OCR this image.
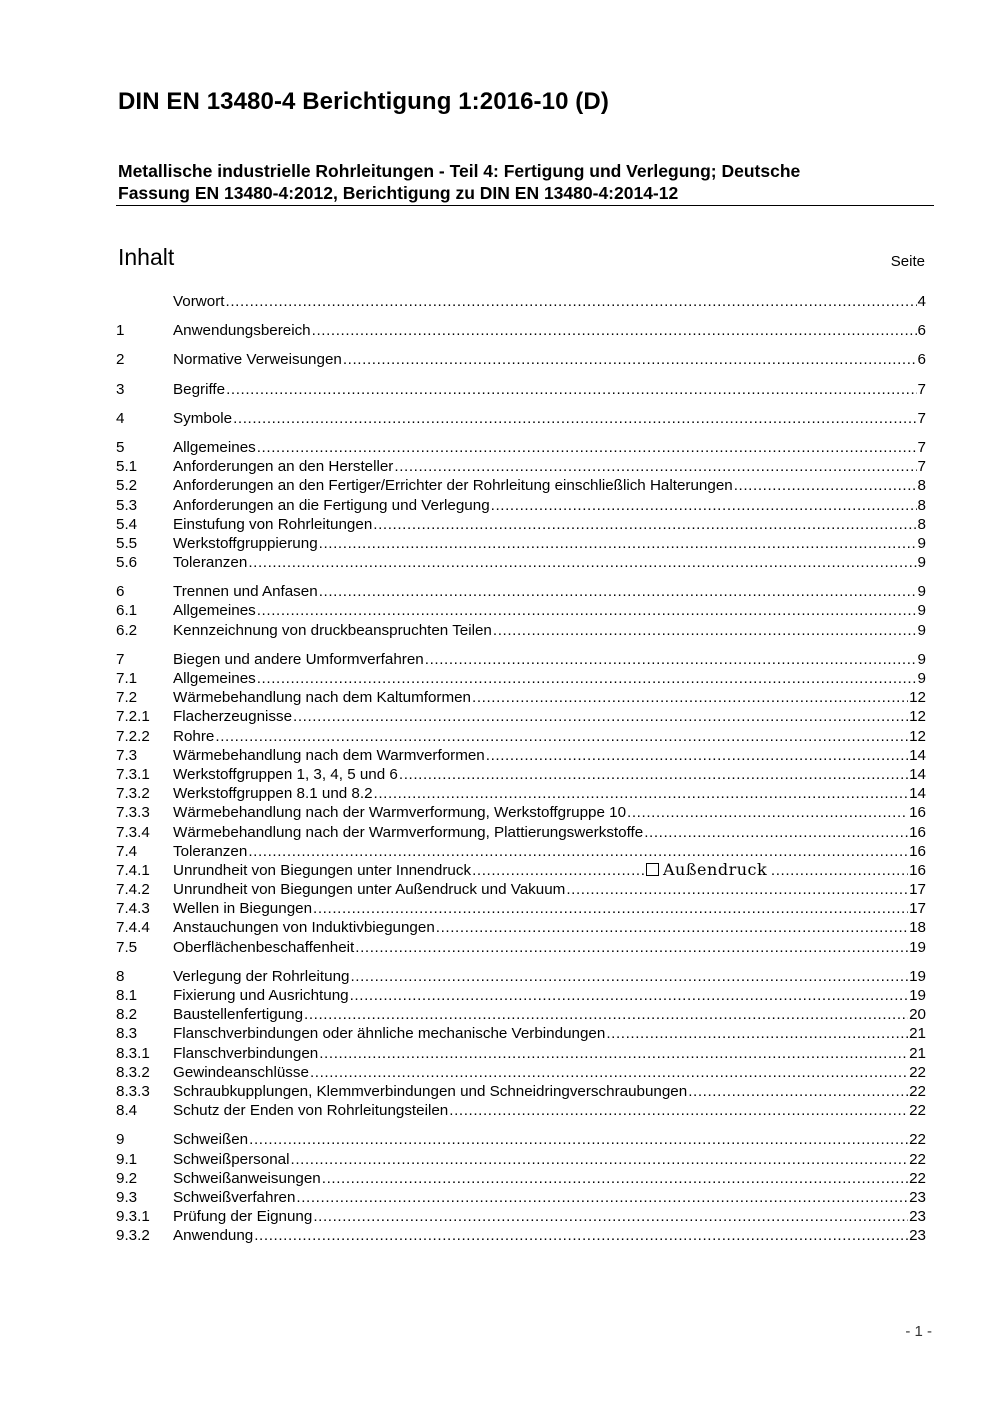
DIN EN 13480-4 Berichtigung 1:2016-10 (D)
Metallische industrielle Rohrleitungen - Teil 4: Fertigung und Verlegung; Deutsche
Fassung EN 13480-4:2012, Berichtigung zu DIN EN 13480-4:2014-12
Inhalt	Seite
Vorwort .....	4
1	Anwendungsbereich .....	6
2	Normative Verweisungen .....	6
3	Begriffe .....	7
4	Symbole .....	7
5	Allgemeines .....	7
5.1	Anforderungen an den Hersteller .....	7
5.2	Anforderungen an den Fertiger/Errichter der Rohrleitung einschließlich Halterungen .....	8
5.3	Anforderungen an die Fertigung und Verlegung .....	8
5.4	Einstufung von Rohrleitungen .....	8
5.5	Werkstoffgruppierung .....	9
5.6	Toleranzen .....	9
6	Trennen und Anfasen .....	9
6.1	Allgemeines .....	9
6.2	Kennzeichnung von druckbeanspruchten Teilen .....	9
7	Biegen und andere Umformverfahren .....	9
7.1	Allgemeines .....	9
7.2	Wärmebehandlung nach dem Kaltumformen .....	12
7.2.1	Flacherzeugnisse .....	12
7.2.2	Rohre .....	12
7.3	Wärmebehandlung nach dem Warmverformen .....	14
7.3.1	Werkstoffgruppen 1, 3, 4, 5 und 6 .....	14
7.3.2	Werkstoffgruppen 8.1 und 8.2 .....	14
7.3.3	Wärmebehandlung nach der Warmverformung, Werkstoffgruppe 10 .....	16
7.3.4	Wärmebehandlung nach der Warmverformung, Plattierungswerkstoffe .....	16
7.4	Toleranzen .....	16
7.4.1	Unrundheit von Biegungen unter Innendruck .....	16
7.4.2	Unrundheit von Biegungen unter Außendruck und Vakuum .....	17
7.4.3	Wellen in Biegungen .....	17
7.4.4	Anstauchungen von Induktivbiegungen .....	18
7.5	Oberflächenbeschaffenheit .....	19
8	Verlegung der Rohrleitung .....	19
8.1	Fixierung und Ausrichtung .....	19
8.2	Baustellenfertigung .....	20
8.3	Flanschverbindungen oder ähnliche mechanische Verbindungen .....	21
8.3.1	Flanschverbindungen .....	21
8.3.2	Gewindeanschlüsse .....	22
8.3.3	Schraubkupplungen, Klemmverbindungen und Schneidringverschraubungen .....	22
8.4	Schutz der Enden von Rohrleitungsteilen .....	22
9	Schweißen .....	22
9.1	Schweißpersonal .....	22
9.2	Schweißanweisungen .....	22
9.3	Schweißverfahren .....	23
9.3.1	Prüfung der Eignung .....	23
9.3.2	Anwendung .....	23
Außendruck
- 1 -
